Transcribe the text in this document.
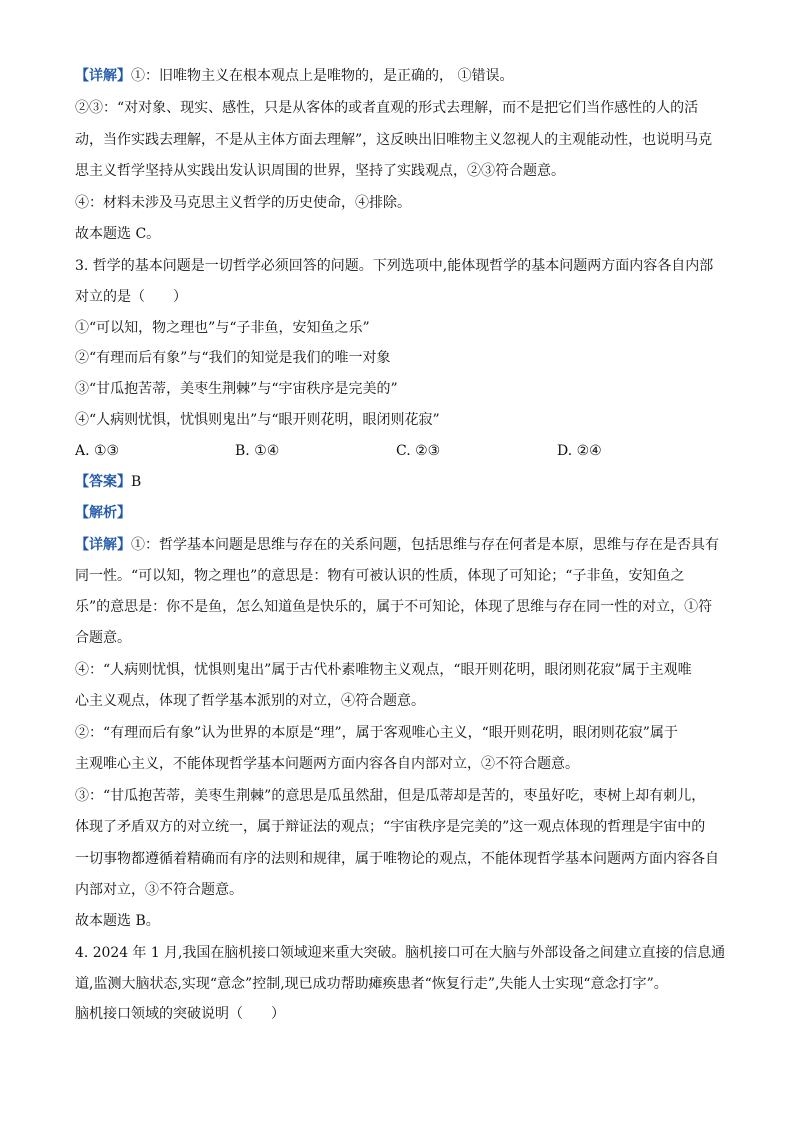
【详解】①：旧唯物主义在根本观点上是唯物的，是正确的， ①错误。
②③：“对对象、现实、感性，只是从客体的或者直观的形式去理解，而不是把它们当作感性的人的活
动，当作实践去理解，不是从主体方面去理解”，这反映出旧唯物主义忽视人的主观能动性，也说明马克
思主义哲学坚持从实践出发认识周围的世界，坚持了实践观点，②③符合题意。
④：材料未涉及马克思主义哲学的历史使命，④排除。
故本题选 C。
3. 哲学的基本问题是一切哲学必须回答的问题。下列选项中,能体现哲学的基本问题两方面内容各自内部
对立的是（　　）
①“可以知，物之理也”与“子非鱼，安知鱼之乐”
②“有理而后有象”与“我们的知觉是我们的唯一对象
③“甘瓜抱苦蒂，美枣生荆棘”与“宇宙秩序是完美的”
④“人病则忧惧，忧惧则鬼出”与“眼开则花明，眼闭则花寂”
A. ①③	B. ①④	C. ②③	D. ②④
【答案】B
【解析】
【详解】①：哲学基本问题是思维与存在的关系问题，包括思维与存在何者是本原，思维与存在是否具有
同一性。“可以知，物之理也”的意思是：物有可被认识的性质，体现了可知论；“子非鱼，安知鱼之
乐”的意思是：你不是鱼，怎么知道鱼是快乐的，属于不可知论，体现了思维与存在同一性的对立，①符
合题意。
④：“人病则忧惧，忧惧则鬼出”属于古代朴素唯物主义观点，“眼开则花明，眼闭则花寂”属于主观唯
心主义观点，体现了哲学基本派别的对立，④符合题意。
②：“有理而后有象”认为世界的本原是“理”，属于客观唯心主义，“眼开则花明，眼闭则花寂”属于
主观唯心主义，不能体现哲学基本问题两方面内容各自内部对立，②不符合题意。
③：“甘瓜抱苦蒂，美枣生荆棘”的意思是瓜虽然甜，但是瓜蒂却是苦的，枣虽好吃，枣树上却有刺儿，
体现了矛盾双方的对立统一，属于辩证法的观点；“宇宙秩序是完美的”这一观点体现的哲理是宇宙中的
一切事物都遵循着精确而有序的法则和规律，属于唯物论的观点，不能体现哲学基本问题两方面内容各自
内部对立，③不符合题意。
故本题选 B。
4. 2024 年 1 月,我国在脑机接口领域迎来重大突破。脑机接口可在大脑与外部设备之间建立直接的信息通
道,监测大脑状态,实现“意念”控制,现已成功帮助瘫痪患者“恢复行走”,失能人士实现“意念打字”。
脑机接口领域的突破说明（　　）
